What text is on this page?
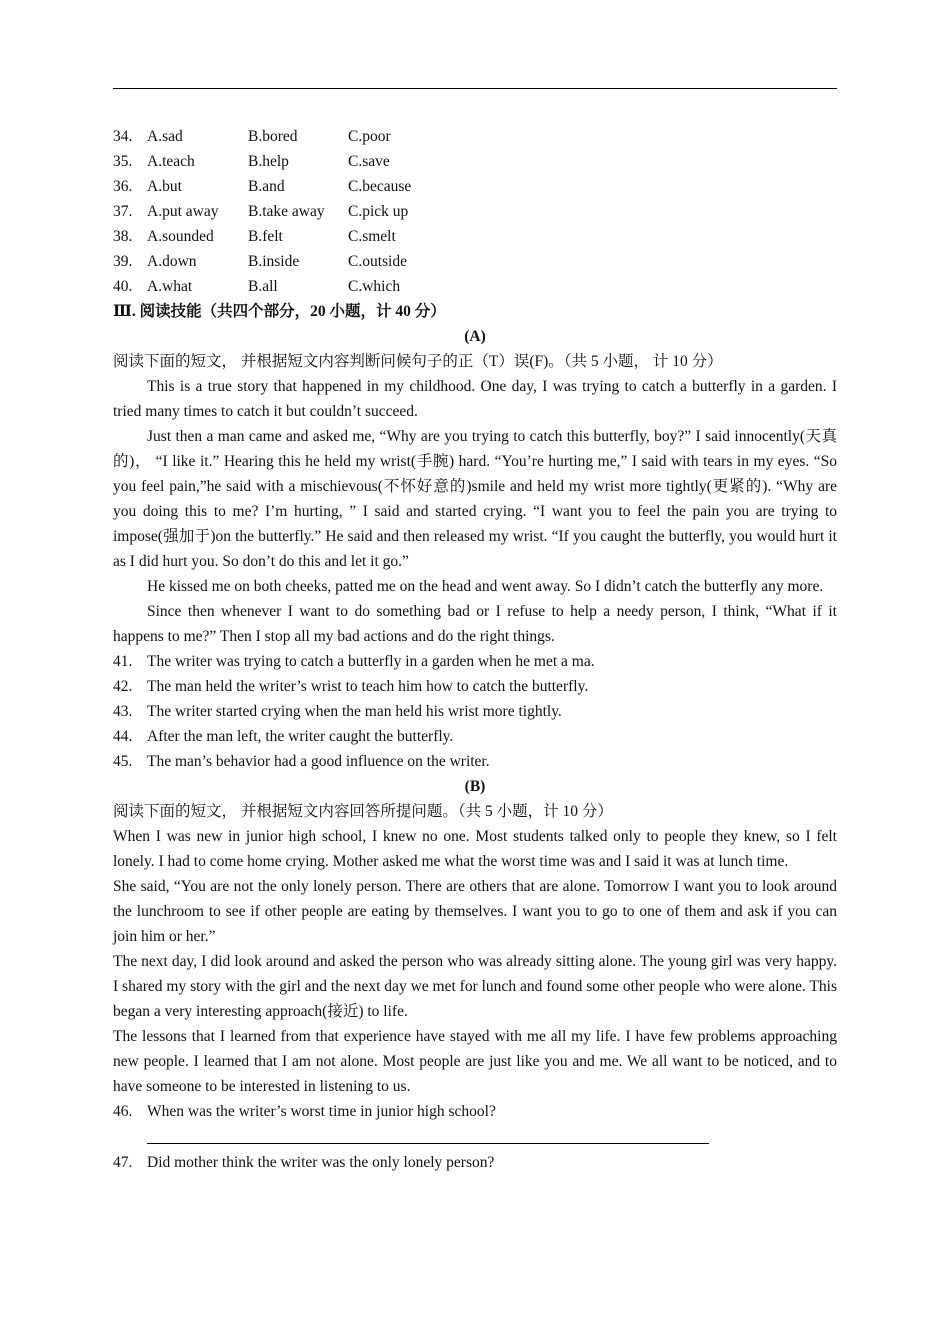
34. A.sad	B.bored	C.poor
35. A.teach	B.help	C.save
36. A.but	B.and	C.because
37. A.put away B.take away C.pick up
38. A.sounded B.felt	C.smelt
39. A.down	B.inside	C.outside
40. A.what	B.all	C.which
Ⅲ. 阅读技能（共四个部分，20 小题，计 40 分）
(A)
阅读下面的短文， 并根据短文内容判断问候句子的正（T）误(F)。（共 5 小题， 计 10 分）
This is a true story that happened in my childhood. One day, I was trying to catch a butterfly in a garden. I tried many times to catch it but couldn’t succeed.
Just then a man came and asked me, “Why are you trying to catch this butterfly, boy?” I said innocently(天真的)， “I like it.” Hearing this he held my wrist(手腕) hard. “You’re hurting me,” I said with tears in my eyes. “So you feel pain,”he said with a mischievous(不怀好意的)smile and held my wrist more tightly(更紧的). “Why are you doing this to me? I’m hurting, ” I said and started crying. “I want you to feel the pain you are trying to impose(强加于)on the butterfly.” He said and then released my wrist. “If you caught the butterfly, you would hurt it as I did hurt you. So don’t do this and let it go.”
He kissed me on both cheeks, patted me on the head and went away. So I didn’t catch the butterfly any more.
Since then whenever I want to do something bad or I refuse to help a needy person, I think, “What if it happens to me?” Then I stop all my bad actions and do the right things.
41. The writer was trying to catch a butterfly in a garden when he met a ma.
42. The man held the writer’s wrist to teach him how to catch the butterfly.
43. The writer started crying when the man held his wrist more tightly.
44. After the man left, the writer caught the butterfly.
45. The man’s behavior had a good influence on the writer.
(B)
阅读下面的短文， 并根据短文内容回答所提问题。（共 5 小题，计 10 分）
When I was new in junior high school, I knew no one. Most students talked only to people they knew, so I felt lonely. I had to come home crying. Mother asked me what the worst time was and I said it was at lunch time.
She said, “You are not the only lonely person. There are others that are alone. Tomorrow I want you to look around the lunchroom to see if other people are eating by themselves. I want you to go to one of them and ask if you can join him or her.”
The next day, I did look around and asked the person who was already sitting alone. The young girl was very happy. I shared my story with the girl and the next day we met for lunch and found some other people who were alone. This began a very interesting approach(接近) to life.
The lessons that I learned from that experience have stayed with me all my life. I have few problems approaching new people. I learned that I am not alone. Most people are just like you and me. We all want to be noticed, and to have someone to be interested in listening to us.
46. When was the writer’s worst time in junior high school?
47. Did mother think the writer was the only lonely person?
